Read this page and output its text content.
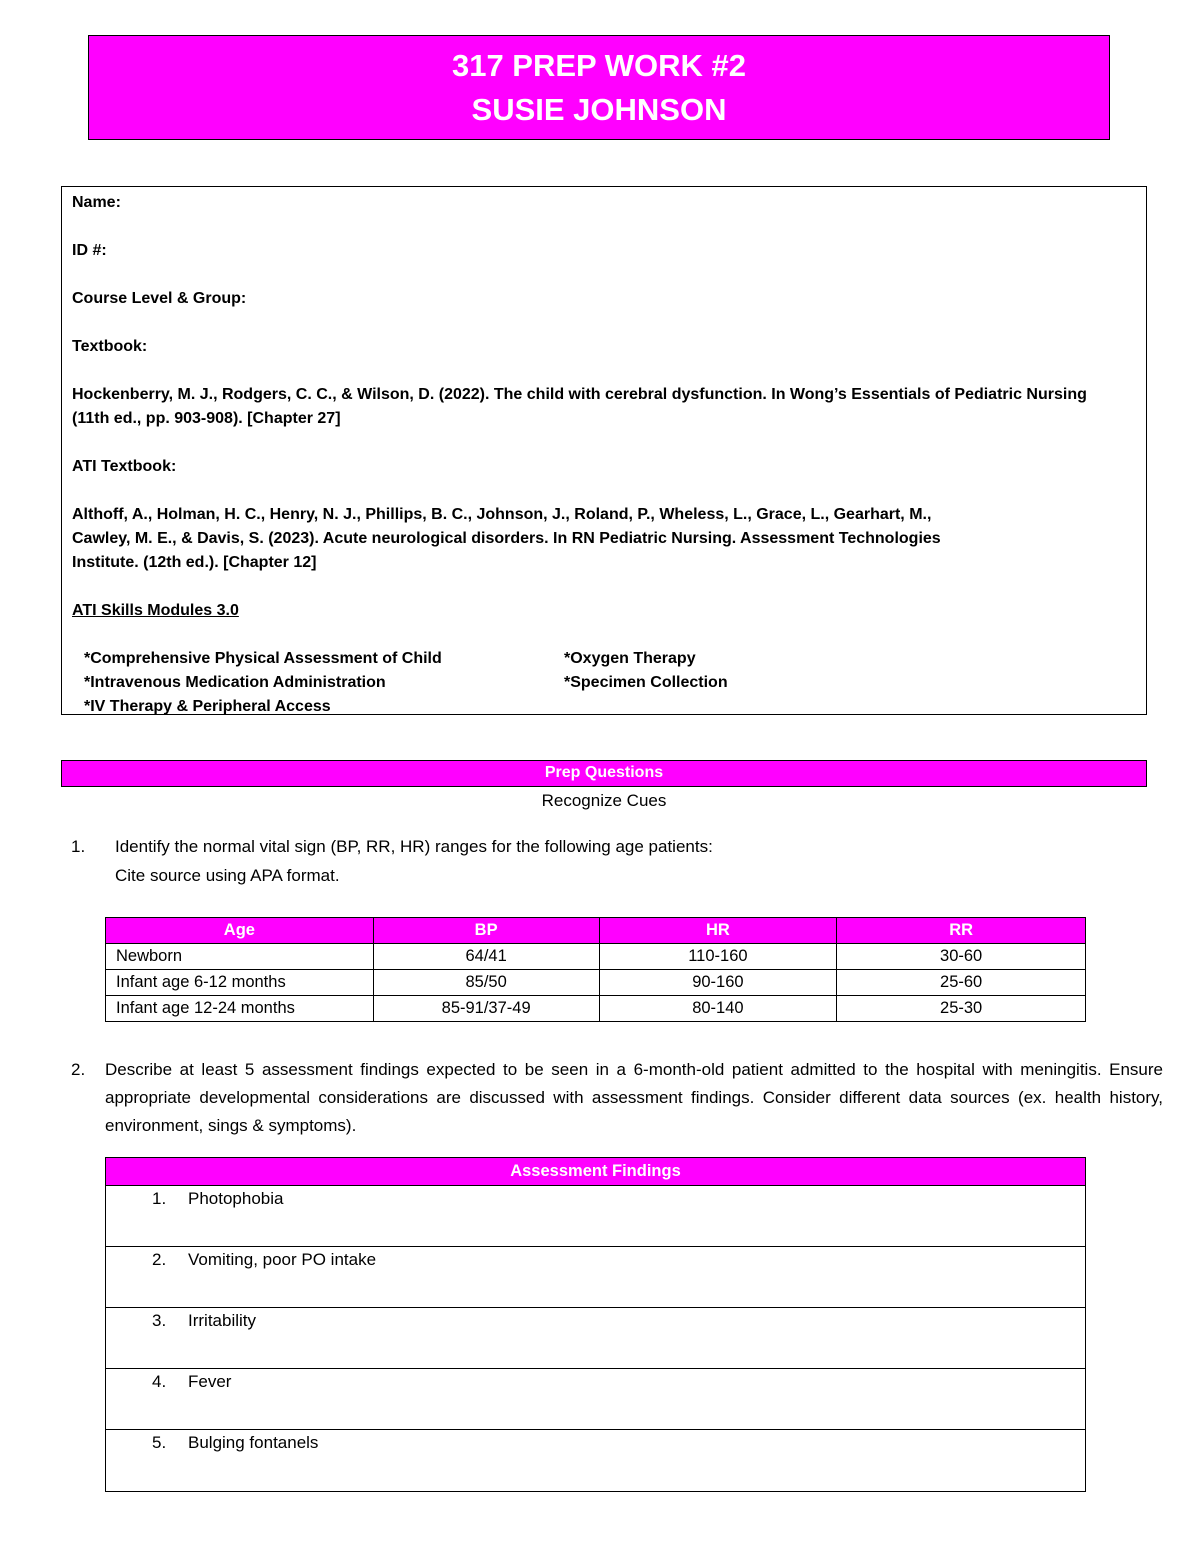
317 PREP WORK #2
SUSIE JOHNSON

Name:

ID #:

Course Level & Group:

Textbook:

Hockenberry, M. J., Rodgers, C. C., & Wilson, D. (2022). The child with cerebral dysfunction. In Wong’s Essentials of Pediatric Nursing

(11th ed., pp. 903-908). [Chapter 27]

ATI Textbook:

Althoff, A., Holman, H. C., Henry, N. J., Phillips, B. C., Johnson, J., Roland, P., Wheless, L., Grace, L., Gearhart, M.,

Cawley, M. E., & Davis, S. (2023). Acute neurological disorders. In RN Pediatric Nursing. Assessment Technologies

Institute. (12th ed.). [Chapter 12]

ATI Skills Modules 3.0

*Comprehensive Physical Assessment of Child	*Oxygen Therapy
*Intravenous Medication Administration	*Specimen Collection
*IV Therapy & Peripheral Access
Prep Questions
Recognize Cues
1. Identify the normal vital sign (BP, RR, HR) ranges for the following age patients:
Cite source using APA format.
Age	BP	HR	RR
Newborn	64/41	110-160	30-60
Infant age 6-12 months	85/50	90-160	25-60
Infant age 12-24 months	85-91/37-49	80-140	25-30
2. Describe at least 5 assessment findings expected to be seen in a 6-month-old patient admitted to the hospital with meningitis. Ensure appropriate developmental considerations are discussed with assessment findings. Consider different data sources (ex. health history, environment, sings & symptoms).
Assessment Findings
1. Photophobia
2. Vomiting, poor PO intake
3. Irritability
4. Fever
5. Bulging fontanels
